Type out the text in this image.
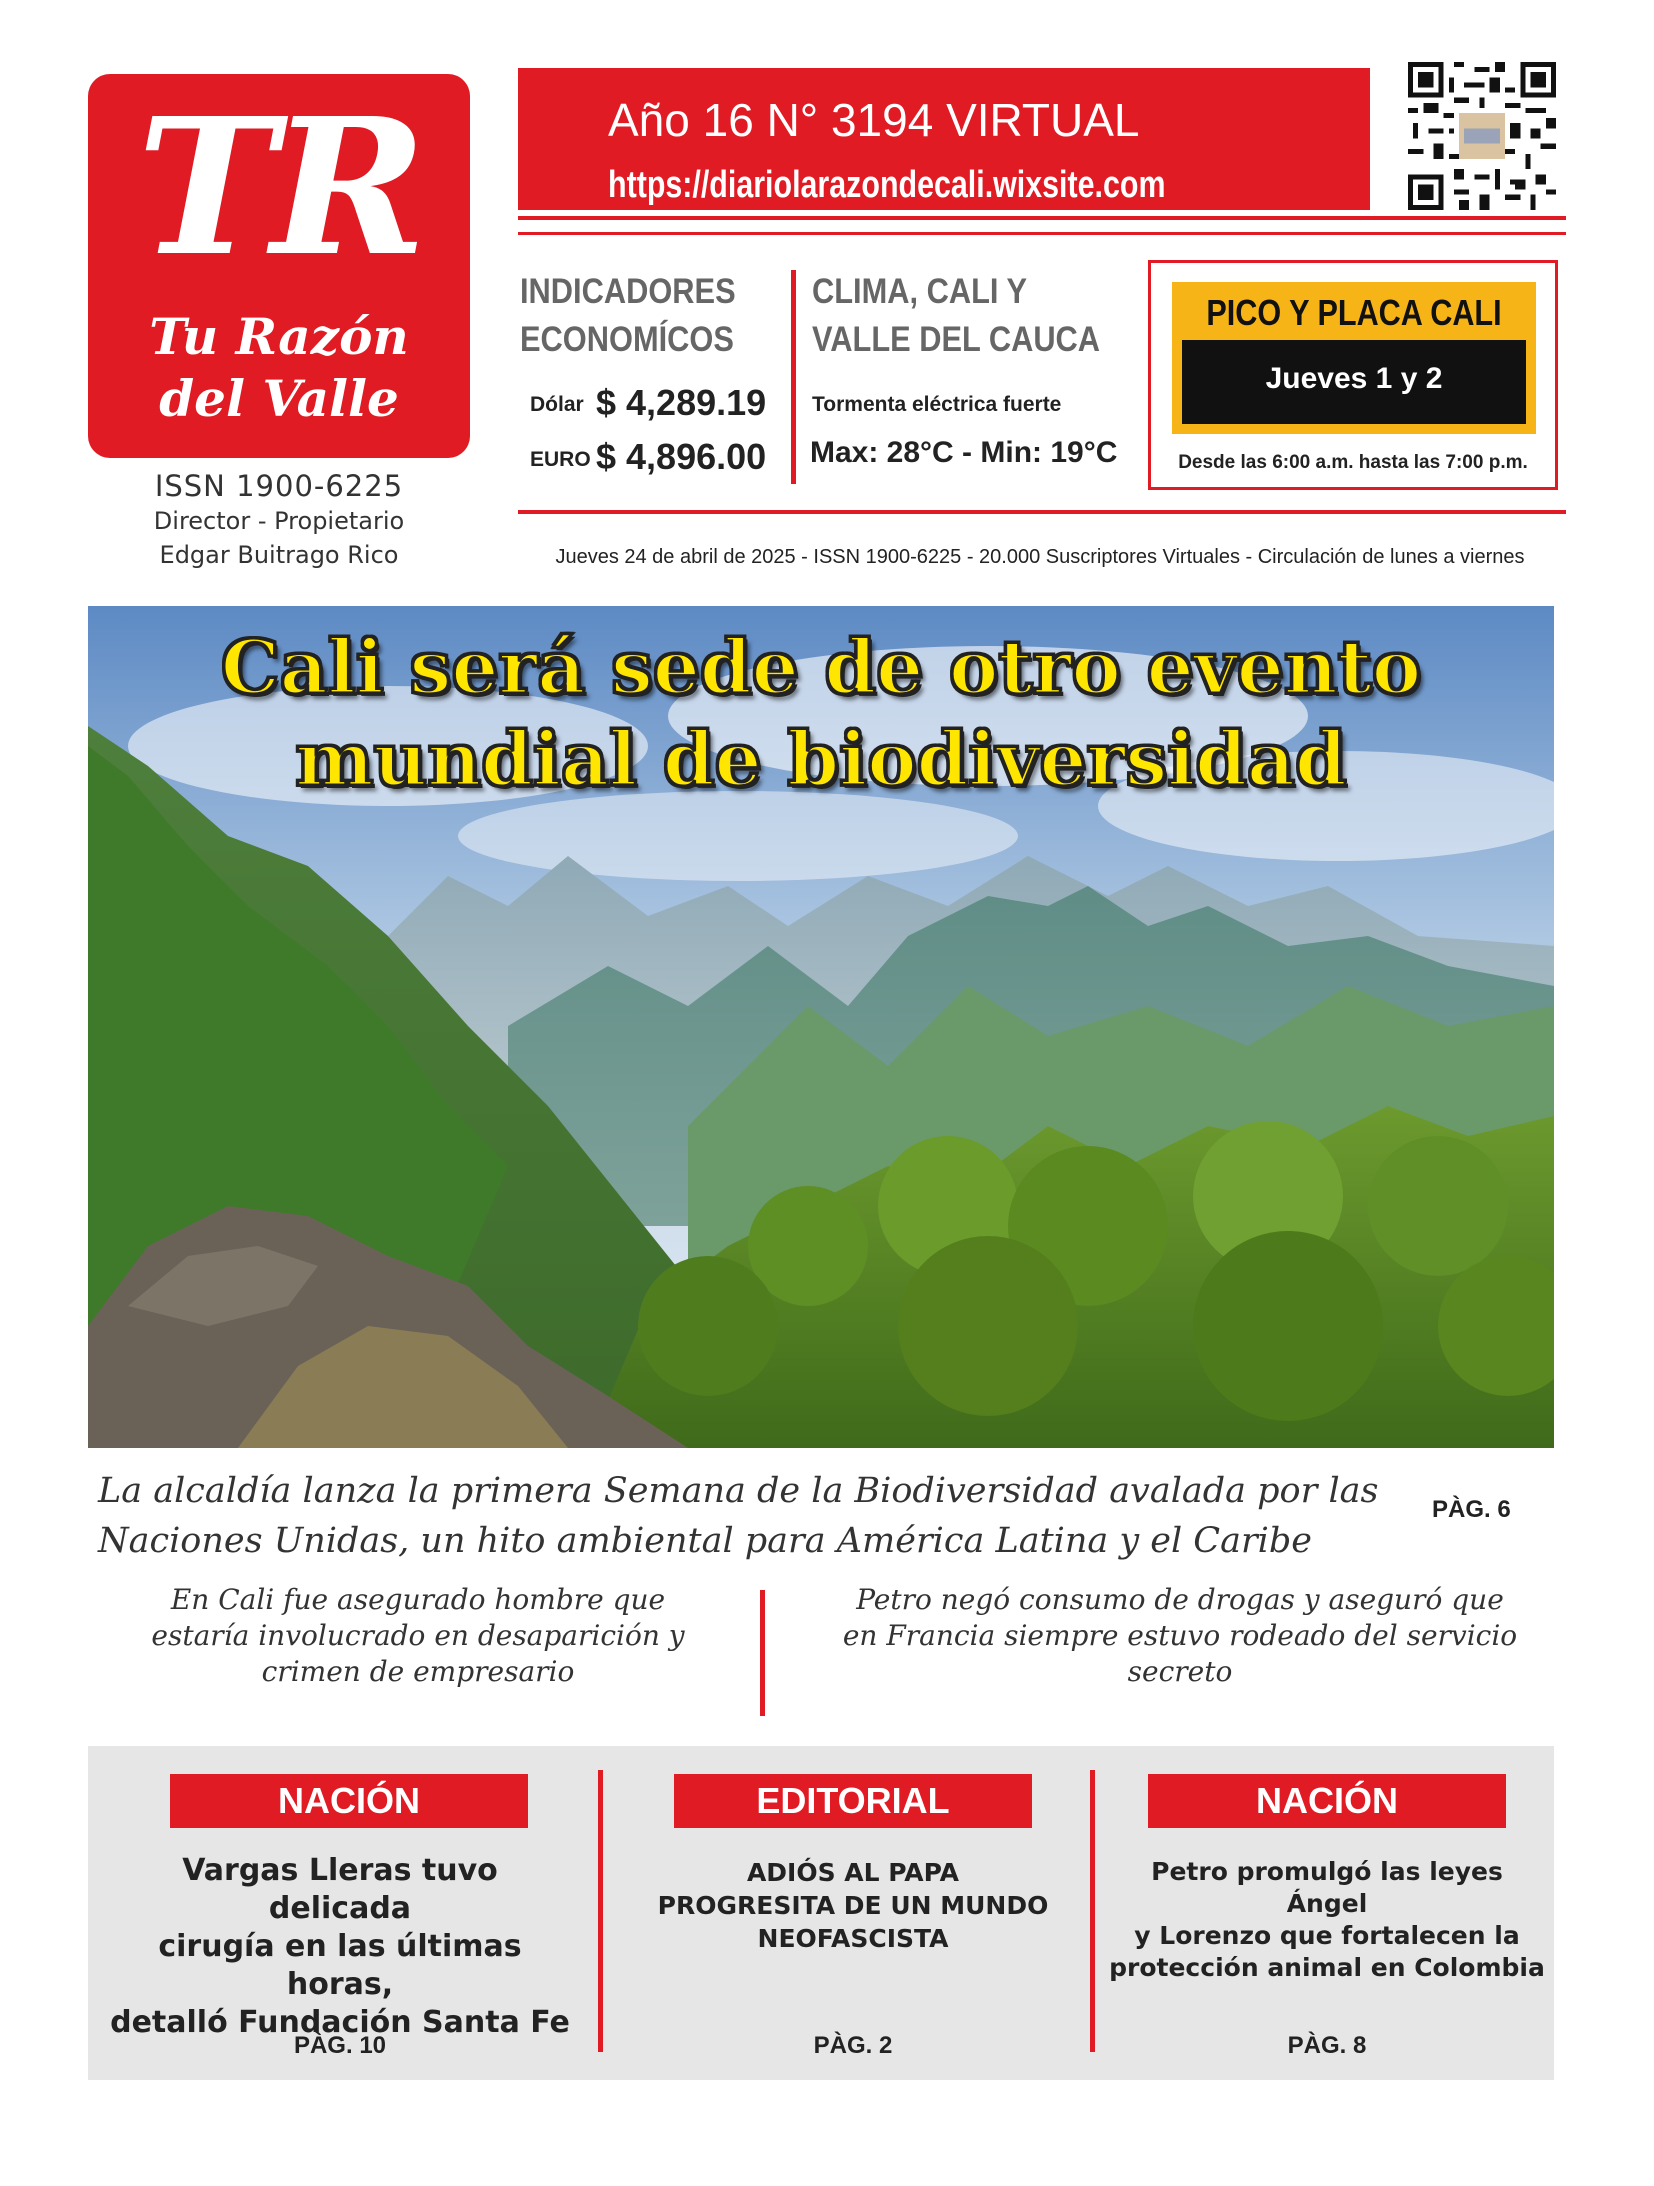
TR
Tu Razón
del Valle
ISSN 1900-6225
Director - Propietario
Edgar Buitrago Rico
Año 16 N° 3194 VIRTUAL
https://diariolarazondecali.wixsite.com
INDICADORES
ECONOMÍCOS
Dólar $ 4,289.19
EURO $ 4,896.00
CLIMA, CALI Y
VALLE DEL CAUCA
Tormenta eléctrica fuerte
Max: 28°C - Min: 19°C
PICO Y PLACA CALI
Jueves 1 y 2
Desde las 6:00 a.m. hasta las 7:00 p.m.
Jueves 24 de abril de 2025 - ISSN 1900-6225 - 20.000 Suscriptores Virtuales - Circulación de lunes a viernes
Cali será sede de otro evento
mundial de biodiversidad
La alcaldía lanza la primera Semana de la Biodiversidad avalada por las
Naciones Unidas, un hito ambiental para América Latina y el Caribe
PÀG. 6
En Cali fue asegurado hombre que
estaría involucrado en desaparición y
crimen de empresario
Petro negó consumo de drogas y aseguró que
en Francia siempre estuvo rodeado del servicio
secreto
NACIÓN
Vargas Lleras tuvo delicada
cirugía en las últimas horas,
detalló Fundación Santa Fe
PÀG. 10
EDITORIAL
ADIÓS AL PAPA
PROGRESITA DE UN MUNDO
NEOFASCISTA
PÀG. 2
NACIÓN
Petro promulgó las leyes Ángel
y Lorenzo que fortalecen la
protección animal en Colombia
PÀG. 8
